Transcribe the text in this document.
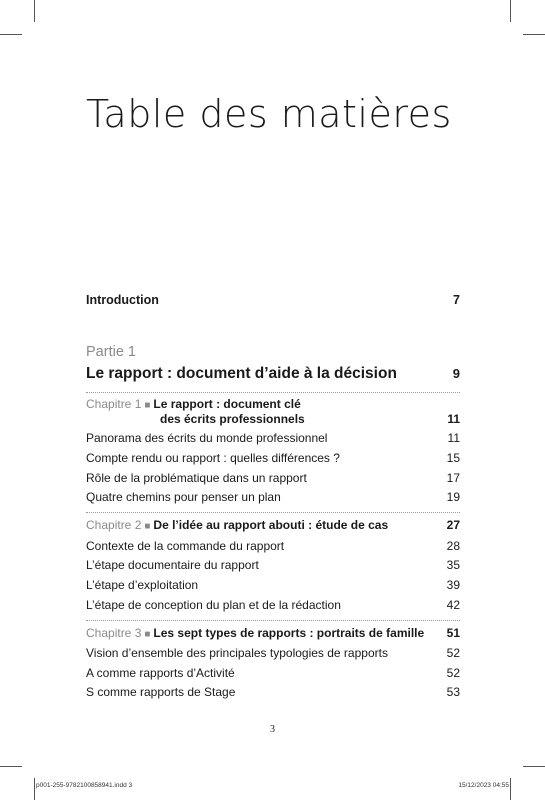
Table des matières
Introduction	7
Partie 1
Le rapport : document d’aide à la décision	9
Chapitre 1 ■ Le rapport : document clé
des écrits professionnels	11
Panorama des écrits du monde professionnel	11
Compte rendu ou rapport : quelles différences ?	15
Rôle de la problématique dans un rapport	17
Quatre chemins pour penser un plan	19
Chapitre 2 ■ De l’idée au rapport abouti : étude de cas	27
Contexte de la commande du rapport	28
L’étape documentaire du rapport	35
L’étape d’exploitation	39
L’étape de conception du plan et de la rédaction	42
Chapitre 3 ■ Les sept types de rapports : portraits de famille 51
Vision d’ensemble des principales typologies de rapports	52
A comme rapports d’Activité	52
S comme rapports de Stage	53
3
p001-255-9782100858941.indd 3	15/12/2023 04:55
